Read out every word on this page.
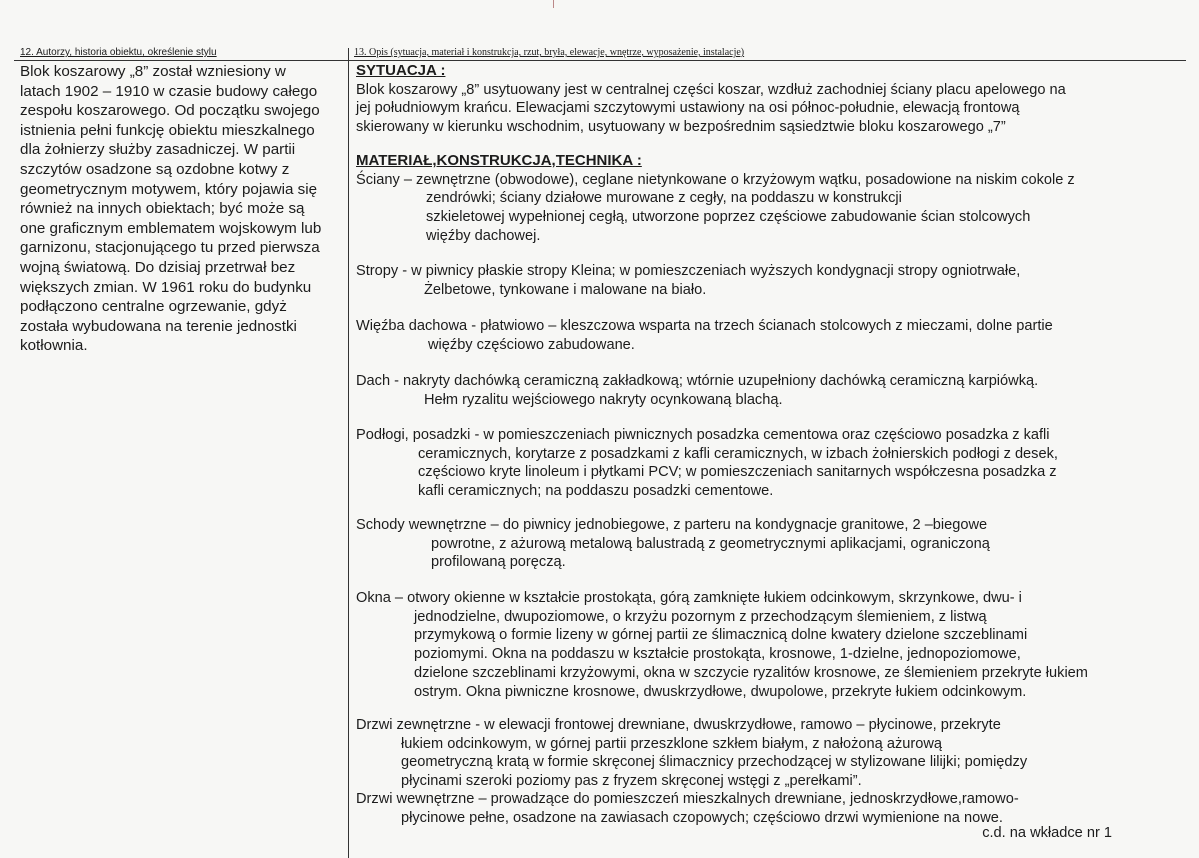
12. Autorzy, historia obiektu, określenie stylu	13. Opis (sytuacja, materiał i konstrukcja, rzut, bryła, elewacje, wnętrze, wyposażenie, instalacje)
Blok koszarowy „8” został wzniesiony w
latach 1902 – 1910 w czasie budowy całego
zespołu koszarowego. Od początku swojego
istnienia pełni funkcję obiektu mieszkalnego
dla żołnierzy służby zasadniczej. W partii
szczytów osadzone są ozdobne kotwy z
geometrycznym motywem, który pojawia się
również na innych obiektach; być może są
one graficznym emblematem wojskowym lub
garnizonu, stacjonującego tu przed pierwsza
wojną światową. Do dzisiaj przetrwał bez
większych zmian. W 1961 roku do budynku
podłączono centralne ogrzewanie, gdyż
została wybudowana na terenie jednostki
kotłownia.
SYTUACJA :
Blok koszarowy „8” usytuowany jest w centralnej części koszar, wzdłuż zachodniej ściany placu apelowego na
jej południowym krańcu. Elewacjami szczytowymi ustawiony na osi północ-południe, elewacją frontową
skierowany w kierunku wschodnim, usytuowany w bezpośrednim sąsiedztwie bloku koszarowego „7”
MATERIAŁ,KONSTRUKCJA,TECHNIKA :
Ściany – zewnętrzne (obwodowe), ceglane nietynkowane o krzyżowym wątku, posadowione na niskim cokole z
zendrówki; ściany działowe murowane z cegły, na poddaszu w konstrukcji
szkieletowej wypełnionej cegłą, utworzone poprzez częściowe zabudowanie ścian stolcowych
więźby dachowej.
Stropy - w piwnicy płaskie stropy Kleina; w pomieszczeniach wyższych kondygnacji stropy ogniotrwałe,
Żelbetowe, tynkowane i malowane na biało.
Więźba dachowa - płatwiowo – kleszczowa wsparta na trzech ścianach stolcowych z mieczami, dolne partie
więźby częściowo zabudowane.
Dach - nakryty dachówką ceramiczną zakładkową; wtórnie uzupełniony dachówką ceramiczną karpiówką.
Hełm ryzalitu wejściowego nakryty ocynkowaną blachą.
Podłogi, posadzki - w pomieszczeniach piwnicznych posadzka cementowa oraz częściowo posadzka z kafli
ceramicznych, korytarze z posadzkami z kafli ceramicznych, w izbach żołnierskich podłogi z desek,
częściowo kryte linoleum i płytkami PCV; w pomieszczeniach sanitarnych współczesna posadzka z
kafli ceramicznych; na poddaszu posadzki cementowe.
Schody wewnętrzne – do piwnicy jednobiegowe, z parteru na kondygnacje granitowe, 2 –biegowe
powrotne, z ażurową metalową balustradą z geometrycznymi aplikacjami, ograniczoną
profilowaną poręczą.
Okna – otwory okienne w kształcie prostokąta, górą zamknięte łukiem odcinkowym, skrzynkowe, dwu- i
jednodzielne, dwupoziomowe, o krzyżu pozornym z przechodzącym ślemieniem, z listwą
przymykową o formie lizeny w górnej partii ze ślimacznicą dolne kwatery dzielone szczeblinami
poziomymi. Okna na poddaszu w kształcie prostokąta, krosnowe, 1-dzielne, jednopoziomowe,
dzielone szczeblinami krzyżowymi, okna w szczycie ryzalitów krosnowe, ze ślemieniem przekryte łukiem
ostrym. Okna piwniczne krosnowe, dwuskrzydłowe, dwupolowe, przekryte łukiem odcinkowym.
Drzwi zewnętrzne - w elewacji frontowej drewniane, dwuskrzydłowe, ramowo – płycinowe, przekryte
łukiem odcinkowym, w górnej partii przeszklone szkłem białym, z nałożoną ażurową
geometryczną kratą w formie skręconej ślimacznicy przechodzącej w stylizowane lilijki; pomiędzy
płycinami szeroki poziomy pas z fryzem skręconej wstęgi z „perełkami”.
Drzwi wewnętrzne – prowadzące do pomieszczeń mieszkalnych drewniane, jednoskrzydłowe,ramowo-
płycinowe pełne, osadzone na zawiasach czopowych; częściowo drzwi wymienione na nowe.
c.d. na wkładce nr 1
